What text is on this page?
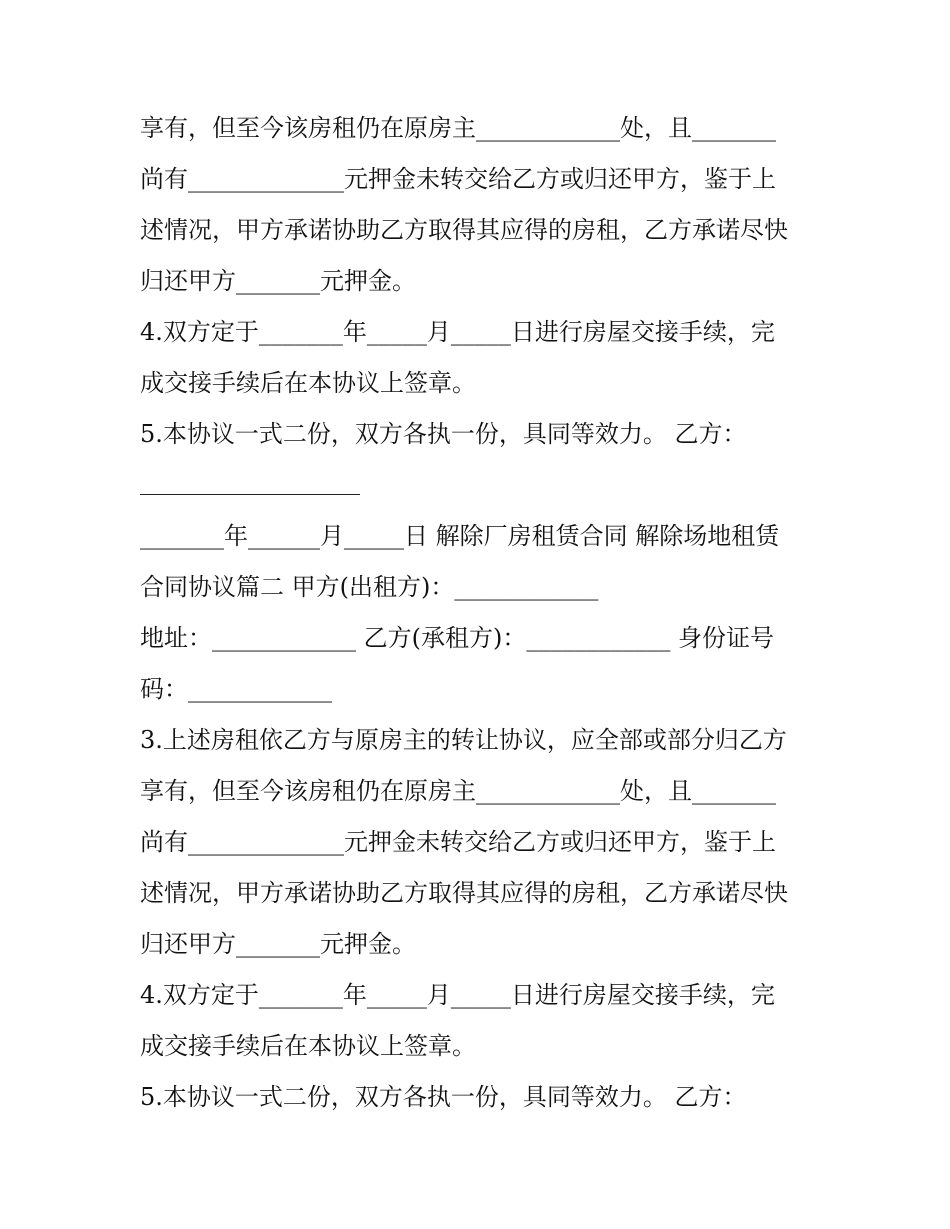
享有，但至今该房租仍在原房主____________处，且_______
尚有_____________元押金未转交给乙方或归还甲方，鉴于上
述情况，甲方承诺协助乙方取得其应得的房租，乙方承诺尽快
归还甲方_______元押金。
4.双方定于_______年_____月_____日进行房屋交接手续，完
成交接手续后在本协议上签章。
5.本协议一式二份，双方各执一份，具同等效力。 乙方：
_______年______月_____日 解除厂房租赁合同 解除场地租赁
合同协议篇二 甲方(出租方)：____________
地址：____________ 乙方(承租方)：____________ 身份证号
码：____________
3.上述房租依乙方与原房主的转让协议，应全部或部分归乙方
享有，但至今该房租仍在原房主____________处，且_______
尚有_____________元押金未转交给乙方或归还甲方，鉴于上
述情况，甲方承诺协助乙方取得其应得的房租，乙方承诺尽快
归还甲方_______元押金。
4.双方定于_______年_____月_____日进行房屋交接手续，完
成交接手续后在本协议上签章。
5.本协议一式二份，双方各执一份，具同等效力。 乙方：
